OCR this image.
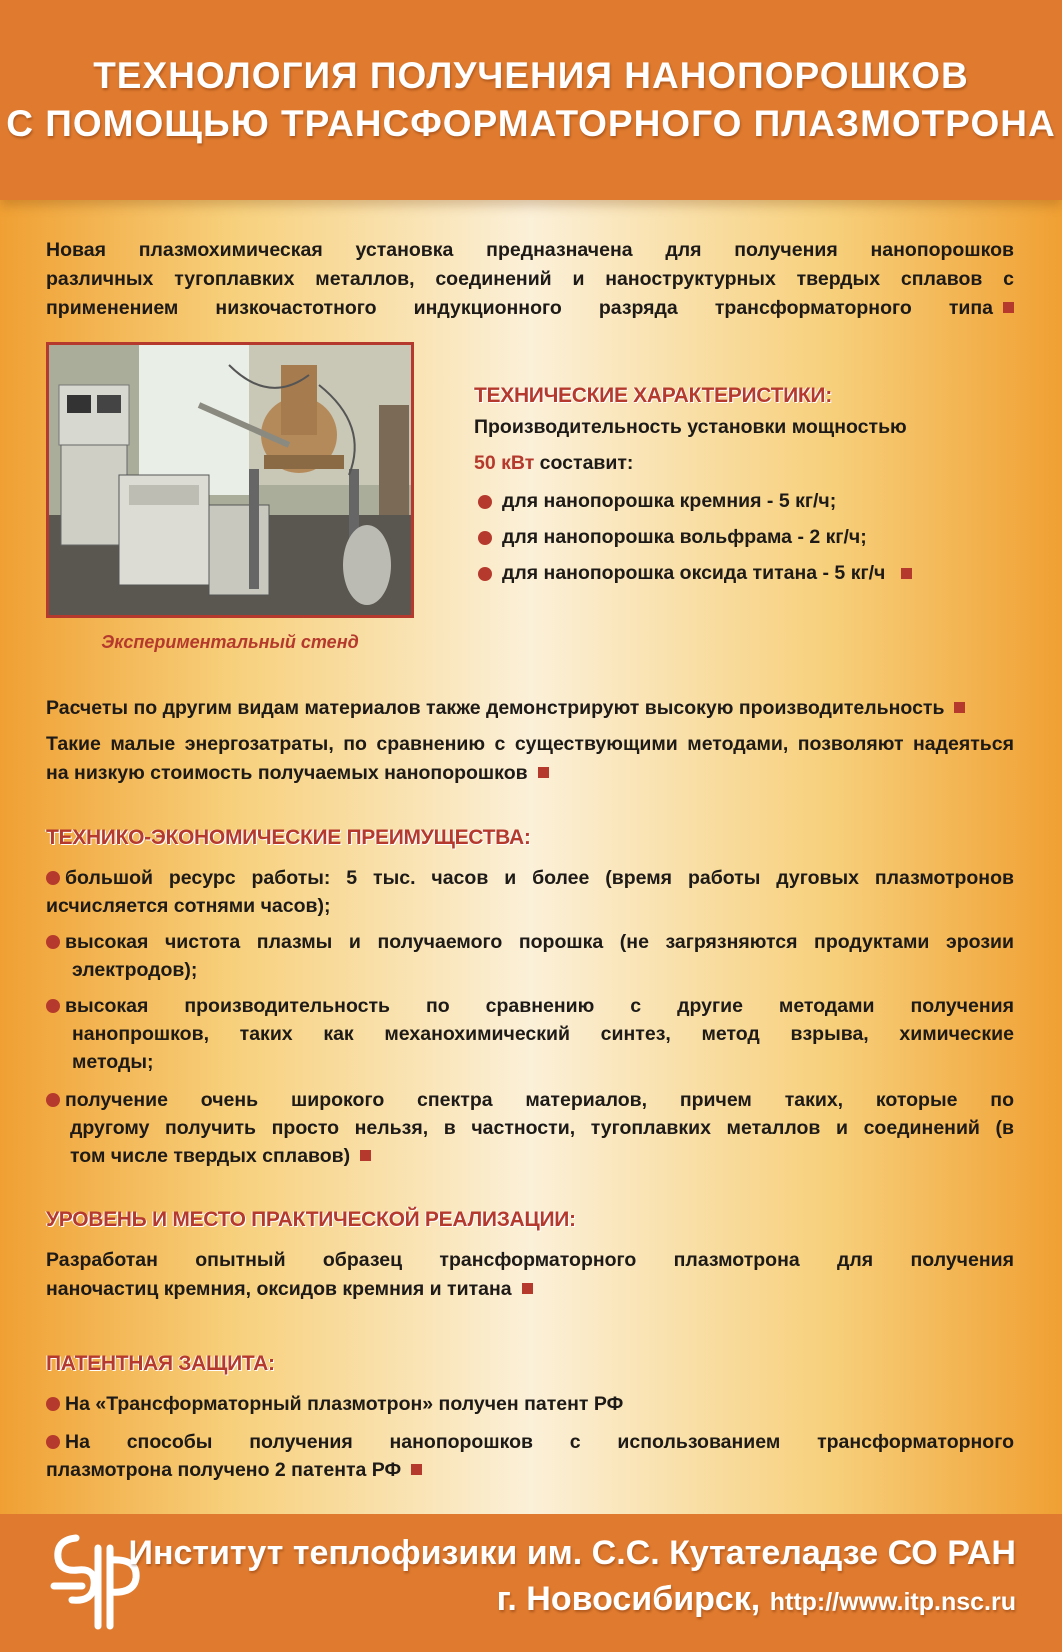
ТЕХНОЛОГИЯ ПОЛУЧЕНИЯ НАНОПОРОШКОВ
С ПОМОЩЬЮ ТРАНСФОРМАТОРНОГО ПЛАЗМОТРОНА
Новая плазмохимическая установка предназначена для получения нанопорошков
различных тугоплавких металлов, соединений и наноструктурных твердых сплавов с
применением низкочастотного индукционного разряда трансформаторного типа
Экспериментальный стенд
ТЕХНИЧЕСКИЕ ХАРАКТЕРИСТИКИ:
Производительность установки мощностью
50 кВт составит:
для нанопорошка кремния - 5 кг/ч;
для нанопорошка вольфрама - 2 кг/ч;
для нанопорошка оксида титана - 5 кг/ч
Расчеты по другим видам материалов также демонстрируют высокую производительность
Такие малые энергозатраты, по сравнению с существующими методами, позволяют надеяться
на низкую стоимость получаемых нанопорошков
ТЕХНИКО-ЭКОНОМИЧЕСКИЕ ПРЕИМУЩЕСТВА:
большой ресурс работы: 5 тыс. часов и более (время работы дуговых плазмотронов
исчисляется сотнями часов);
высокая чистота плазмы и получаемого порошка (не загрязняются продуктами эрозии
электродов);
высокая производительность по сравнению с другие методами получения
нанопрошков, таких как механохимический синтез, метод взрыва, химические
методы;
получение очень широкого спектра материалов, причем таких, которые по
другому получить просто нельзя, в частности, тугоплавких металлов и соединений (в
том числе твердых сплавов)
УРОВЕНЬ И МЕСТО ПРАКТИЧЕСКОЙ РЕАЛИЗАЦИИ:
Разработан опытный образец трансформаторного плазмотрона для получения
наночастиц кремния, оксидов кремния и титана
ПАТЕНТНАЯ ЗАЩИТА:
На «Трансформаторный плазмотрон» получен патент РФ
На способы получения нанопорошков с использованием трансформаторного
плазмотрона получено 2 патента РФ
Институт теплофизики им. С.С. Кутателадзе СО РАН
г. Новосибирск, http://www.itp.nsc.ru
